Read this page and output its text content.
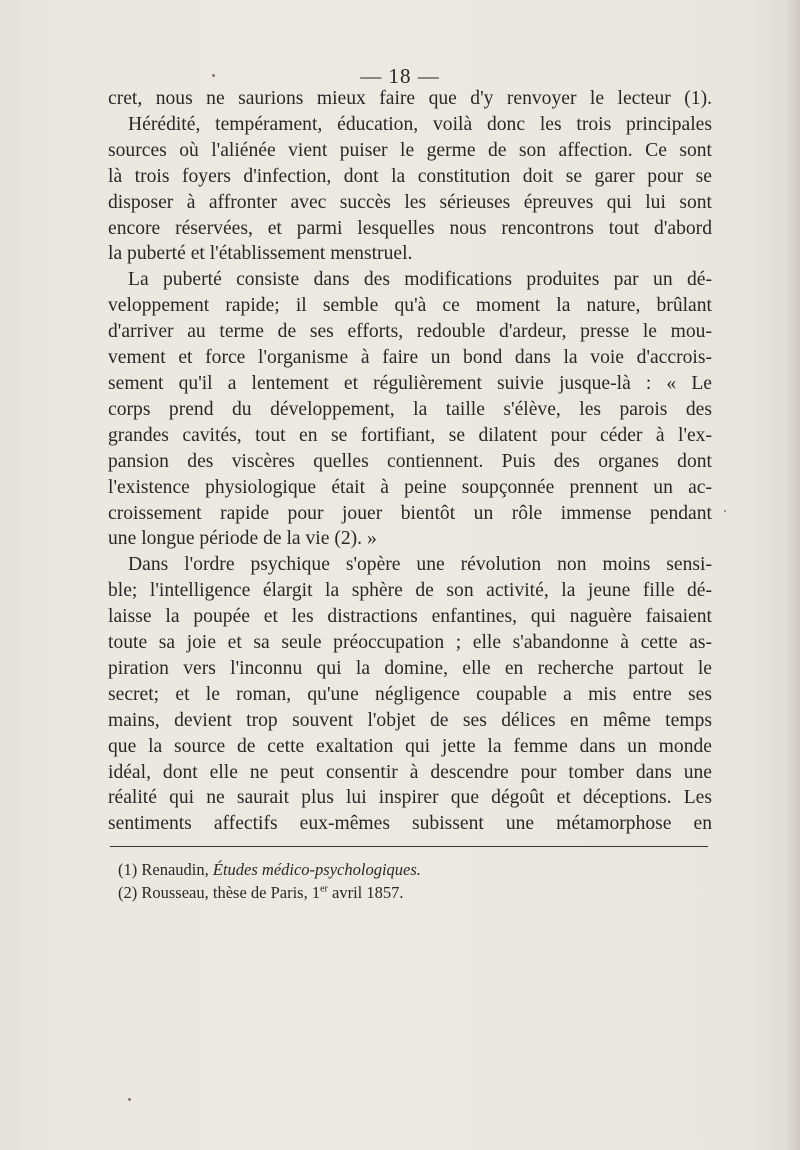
— 18 —

cret, nous ne saurions mieux faire que d'y renvoyer le lecteur (1).
Hérédité, tempérament, éducation, voilà donc les trois principales
sources où l'aliénée vient puiser le germe de son affection. Ce sont
là trois foyers d'infection, dont la constitution doit se garer pour se
disposer à affronter avec succès les sérieuses épreuves qui lui sont
encore réservées, et parmi lesquelles nous rencontrons tout d'abord
la puberté et l'établissement menstruel.

La puberté consiste dans des modifications produites par un dé-
veloppement rapide; il semble qu'à ce moment la nature, brûlant
d'arriver au terme de ses efforts, redouble d'ardeur, presse le mou-
vement et force l'organisme à faire un bond dans la voie d'accrois-
sement qu'il a lentement et régulièrement suivie jusque-là : « Le
corps prend du développement, la taille s'élève, les parois des
grandes cavités, tout en se fortifiant, se dilatent pour céder à l'ex-
pansion des viscères quelles contiennent. Puis des organes dont
l'existence physiologique était à peine soupçonnée prennent un ac-
croissement rapide pour jouer bientôt un rôle immense pendant
une longue période de la vie (2). »

Dans l'ordre psychique s'opère une révolution non moins sensi-
ble; l'intelligence élargit la sphère de son activité, la jeune fille dé-
laisse la poupée et les distractions enfantines, qui naguère faisaient
toute sa joie et sa seule préoccupation ; elle s'abandonne à cette as-
piration vers l'inconnu qui la domine, elle en recherche partout le
secret; et le roman, qu'une négligence coupable a mis entre ses
mains, devient trop souvent l'objet de ses délices en même temps
que la source de cette exaltation qui jette la femme dans un monde
idéal, dont elle ne peut consentir à descendre pour tomber dans une
réalité qui ne saurait plus lui inspirer que dégoût et déceptions. Les
sentiments affectifs eux-mêmes subissent une métamorphose en

(1) Renaudin, Études médico-psychologiques.
(2) Rousseau, thèse de Paris, 1er avril 1857.
